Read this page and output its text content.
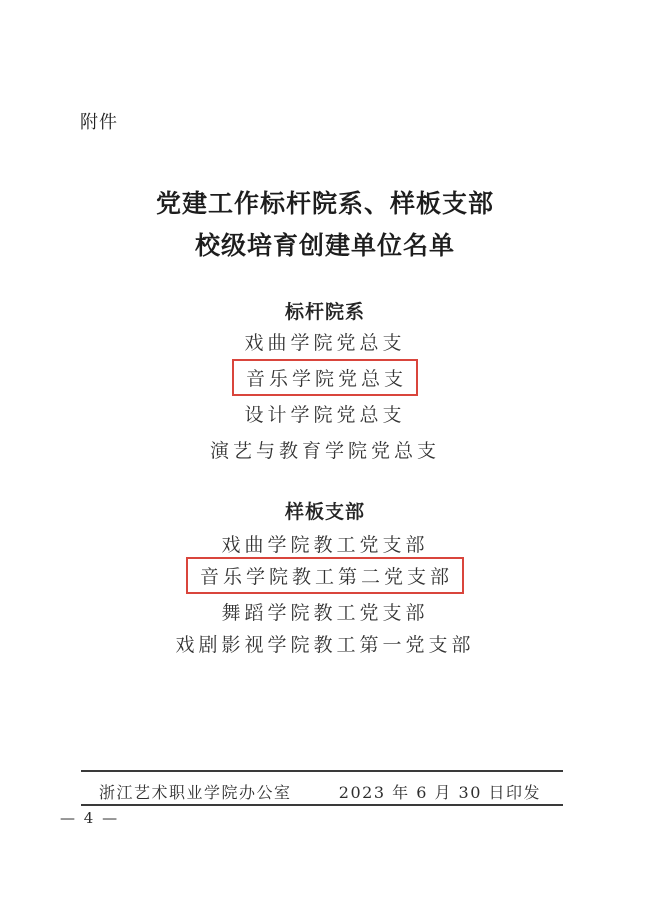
附件
党建工作标杆院系、样板支部
校级培育创建单位名单
标杆院系
戏曲学院党总支
音乐学院党总支
设计学院党总支
演艺与教育学院党总支
样板支部
戏曲学院教工党支部
音乐学院教工第二党支部
舞蹈学院教工党支部
戏剧影视学院教工第一党支部
浙江艺术职业学院办公室	2023 年 6 月 30 日印发
— 4 —
